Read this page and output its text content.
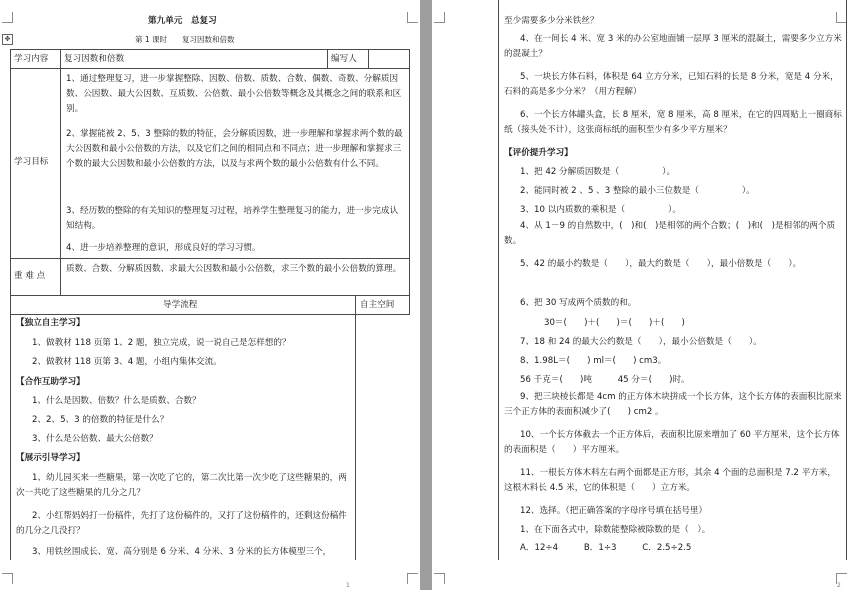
✥
第九单元　总复习
第 1 课时　　复习因数和倍数
学习内容 复习因数和倍数	编写人
学习目标
1、通过整理复习，进一步掌握整除、因数、倍数、质数、合数、偶数、奇数、分解质因数、公因数、最大公因数、互质数、公倍数、最小公倍数等概念及其概念之间的联系和区别。
2、掌握能被 2、5、3 整除的数的特征，会分解质因数，进一步理解和掌握求两个数的最大公因数和最小公倍数的方法，以及它们之间的相同点和不同点；进一步理解和掌握求三个数的最大公因数和最小公倍数的方法，以及与求两个数的最小公倍数有什么不同。
3、经历数的整除的有关知识的整理复习过程，培养学生整理复习的能力，进一步完成认知结构。
4、进一步培养整理的意识，形成良好的学习习惯。
重 难 点
质数、合数、分解质因数、求最大公因数和最小公倍数，求三个数的最小公倍数的算理。
导学流程	自主空间
【独立自主学习】
1、做教材 118 页第 1、2 题，独立完成，说一说自己是怎样想的？
2、做教材 118 页第 3、4 题，小组内集体交流。
【合作互助学习】
1、什么是因数、倍数？什么是质数、合数？
2、2、5、3 的倍数的特征是什么？
3、什么是公倍数、最大公倍数？
【展示引导学习】
1、幼儿园买来一些糖果，第一次吃了它的，第二次比第一次少吃了这些糖果的，两次一共吃了这些糖果的几分之几？
2、小红帮妈妈打一份稿件，先打了这份稿件的，又打了这份稿件的，还剩这份稿件的几分之几没打？
3、用铁丝围成长、宽、高分别是 6 分米、4 分米、3 分米的长方体模型三个，
1
至少需要多少分米铁丝？
4、在一间长 4 米、宽 3 米的办公室地面铺一层厚 3 厘米的混凝土，需要多少立方米的混凝土？
5、一块长方体石料，体积是 64 立方分米，已知石料的长是 8 分米，宽是 4 分米，石料的高是多少分米？（用方程解）
6、一个长方体罐头盒，长 8 厘米，宽 8 厘米，高 8 厘米，在它的四周贴上一圈商标纸（接头处不计），这张商标纸的面积至少有多少平方厘米？
【评价提升学习】
1、把 42 分解质因数是（　　　　　）。
2、能同时被 2 、5 、3 整除的最小三位数是（　　　　　）。
3、10 以内质数的乘积是（　　　　　）。
4、从 1－9 的自然数中，(　)和(　)是相邻的两个合数；(　)和(　)是相邻的两个质数。
5、42 的最小约数是（　　），最大约数是（　　），最小倍数是（　　）。
6、把 30 写成两个质数的和。
30＝(　　)＋(　　)＝(　　)＋(　　)
7、18 和 24 的最大公约数是（　　），最小公倍数是（　　）。
8、1.98L＝(　　) ml＝(　　) cm3。
56 千克＝(　　)吨　　　45 分＝(　　)时。
9、把三块棱长都是 4cm 的正方体木块拼成一个长方体，这个长方体的表面积比原来三个正方体的表面积减少了(　　) cm2 。
10、一个长方体截去一个正方体后，表面积比原来增加了 60 平方厘米，这个长方体的表面积是（　　）平方厘米。
11、一根长方体木料左右两个面都是正方形，其余 4 个面的总面积是 7.2 平方米，这根木料长 4.5 米，它的体积是（　　）立方米。
12、选择。（把正确答案的字母序号填在括号里）
1、在下面各式中，除数能整除被除数的是（　）。
A．12÷4　　　B．1÷3　　　C．2.5÷2.5
2
